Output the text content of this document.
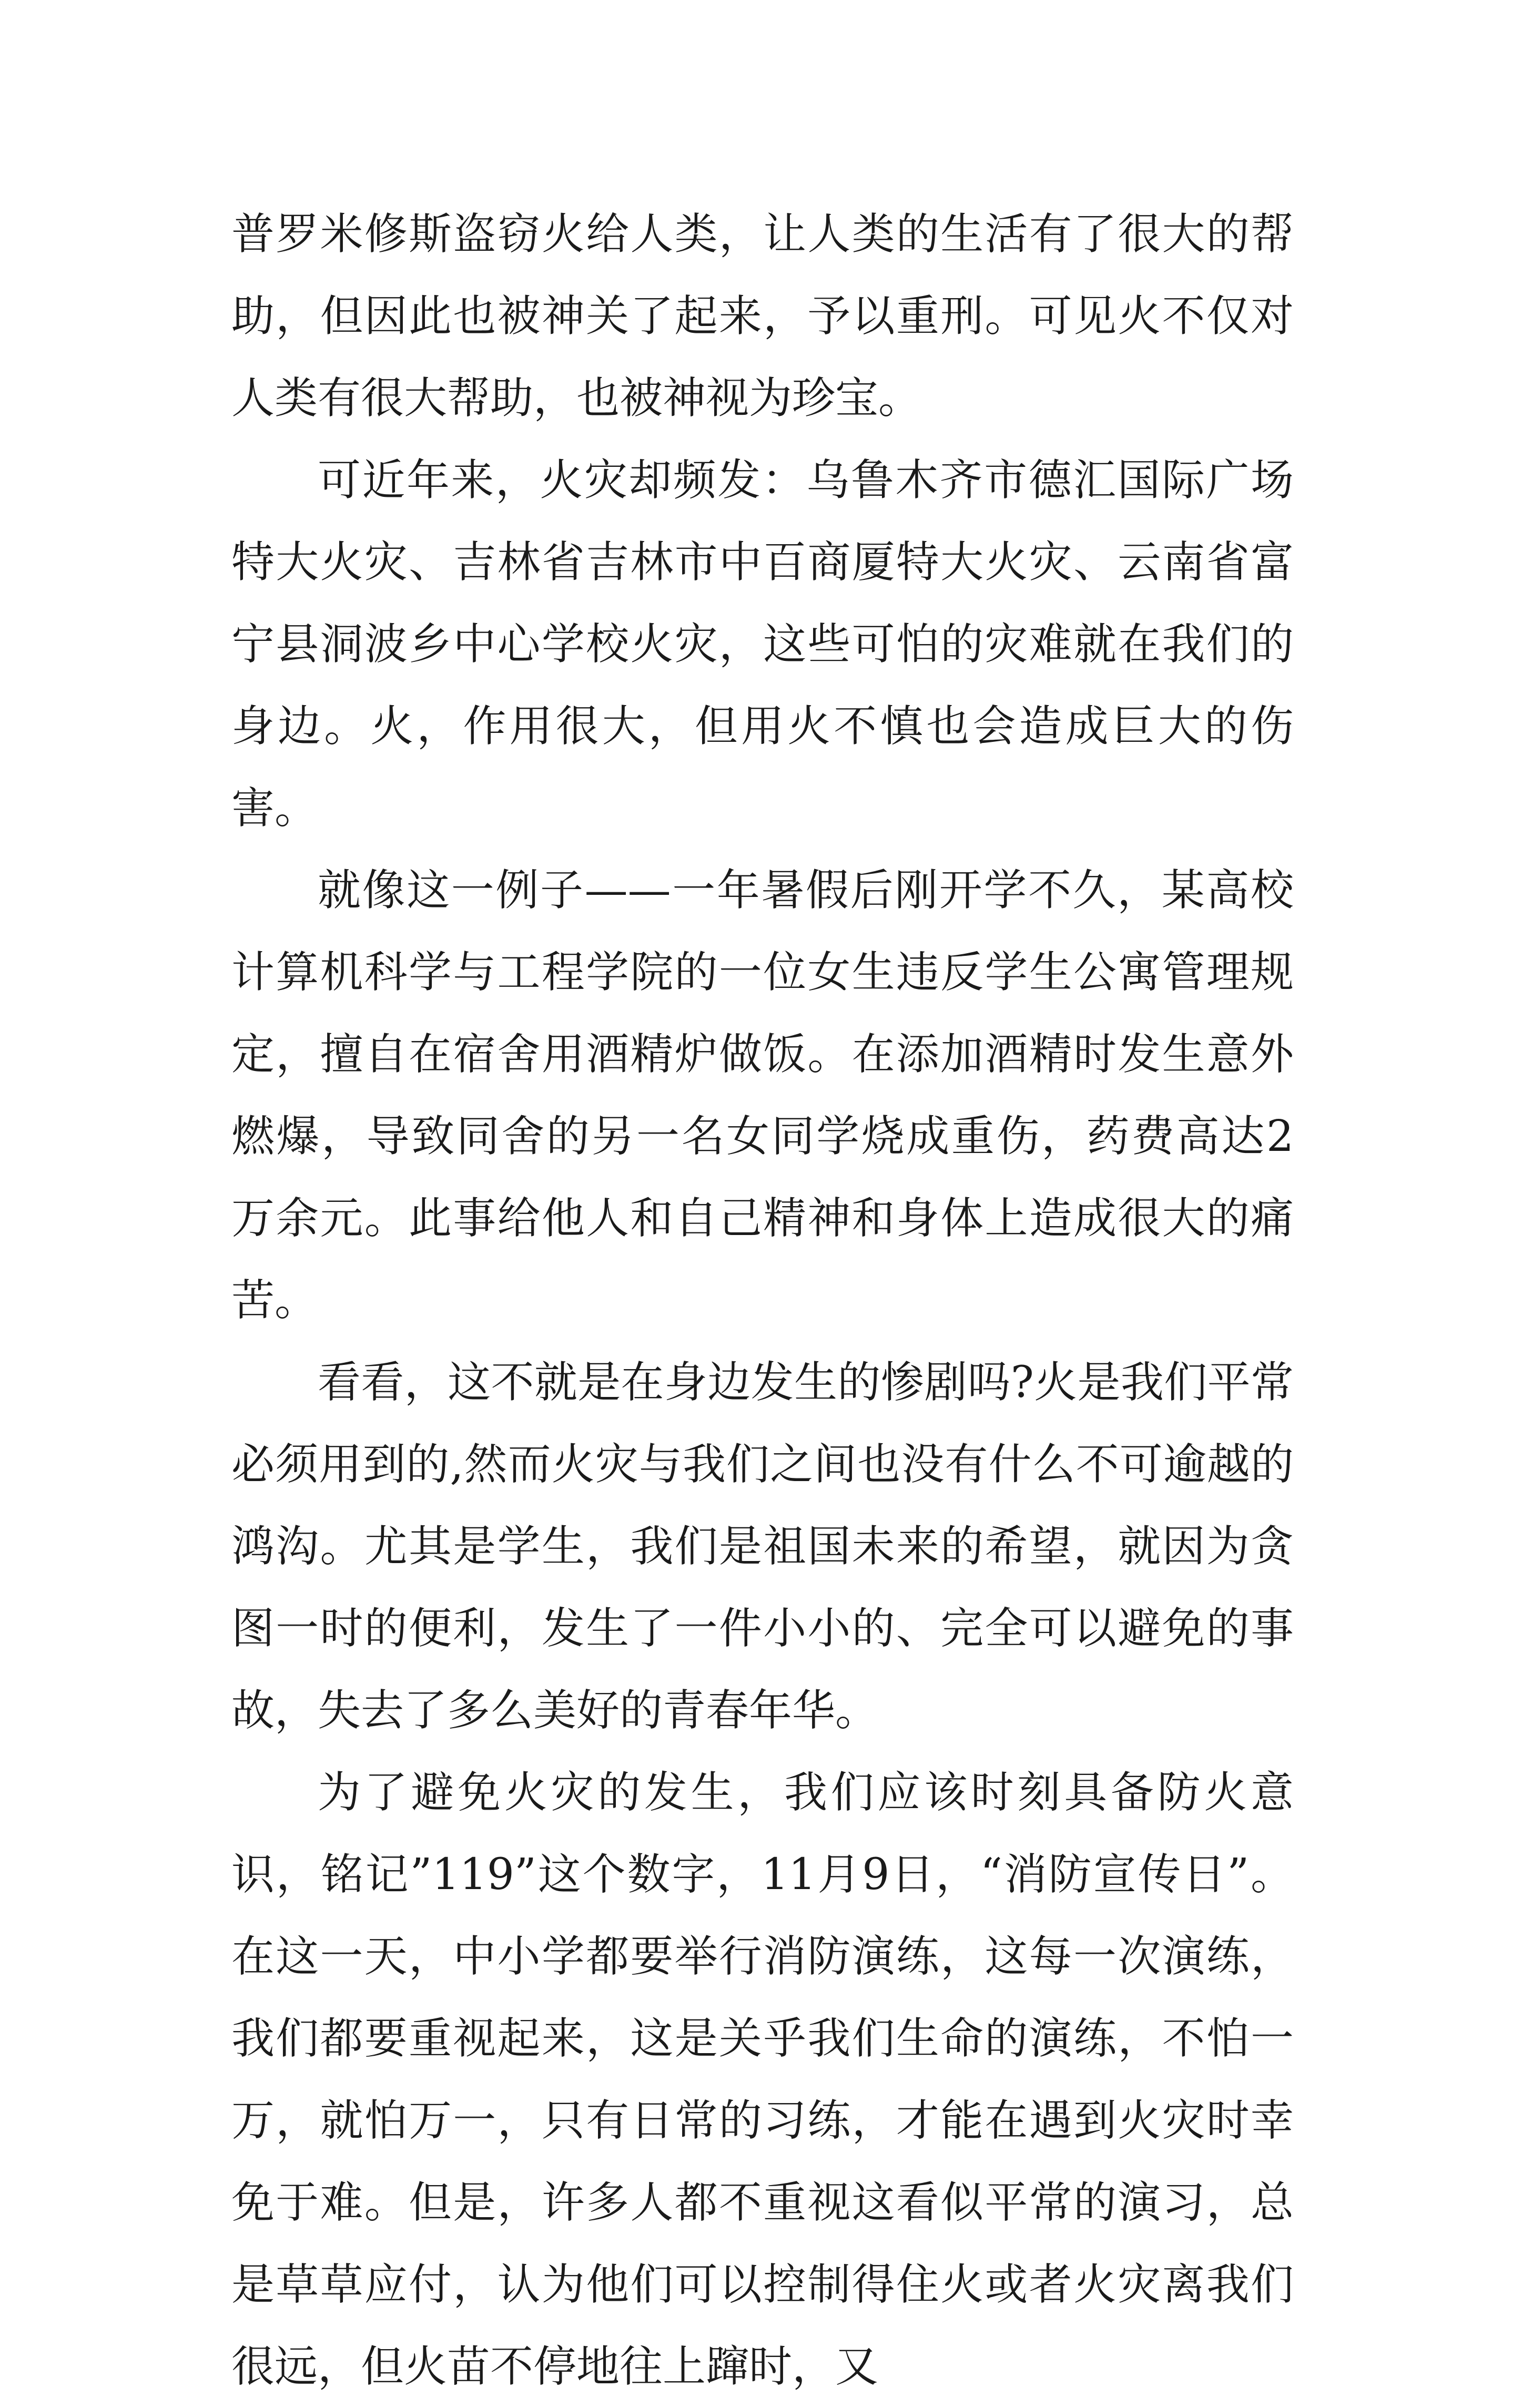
普罗米修斯盗窃火给人类，让人类的生活有了很大的帮助，但因此也被神关了起来，予以重刑。可见火不仅对人类有很大帮助，也被神视为珍宝。

可近年来，火灾却频发：乌鲁木齐市德汇国际广场特大火灾、吉林省吉林市中百商厦特大火灾、云南省富宁县洞波乡中心学校火灾，这些可怕的灾难就在我们的身边。火，作用很大，但用火不慎也会造成巨大的伤害。

就像这一例子——一年暑假后刚开学不久，某高校计算机科学与工程学院的一位女生违反学生公寓管理规定，擅自在宿舍用酒精炉做饭。在添加酒精时发生意外燃爆，导致同舍的另一名女同学烧成重伤，药费高达2万余元。此事给他人和自己精神和身体上造成很大的痛苦。

看看，这不就是在身边发生的惨剧吗?火是我们平常必须用到的,然而火灾与我们之间也没有什么不可逾越的鸿沟。尤其是学生，我们是祖国未来的希望，就因为贪图一时的便利，发生了一件小小的、完全可以避免的事故，失去了多么美好的青春年华。

为了避免火灾的发生，我们应该时刻具备防火意识，铭记”119”这个数字，11月9日，“消防宣传日”。在这一天，中小学都要举行消防演练，这每一次演练，我们都要重视起来，这是关乎我们生命的演练，不怕一万，就怕万一，只有日常的习练，才能在遇到火灾时幸免于难。但是，许多人都不重视这看似平常的演习，总是草草应付，认为他们可以控制得住火或者火灾离我们很远，但火苗不停地往上蹿时，又
